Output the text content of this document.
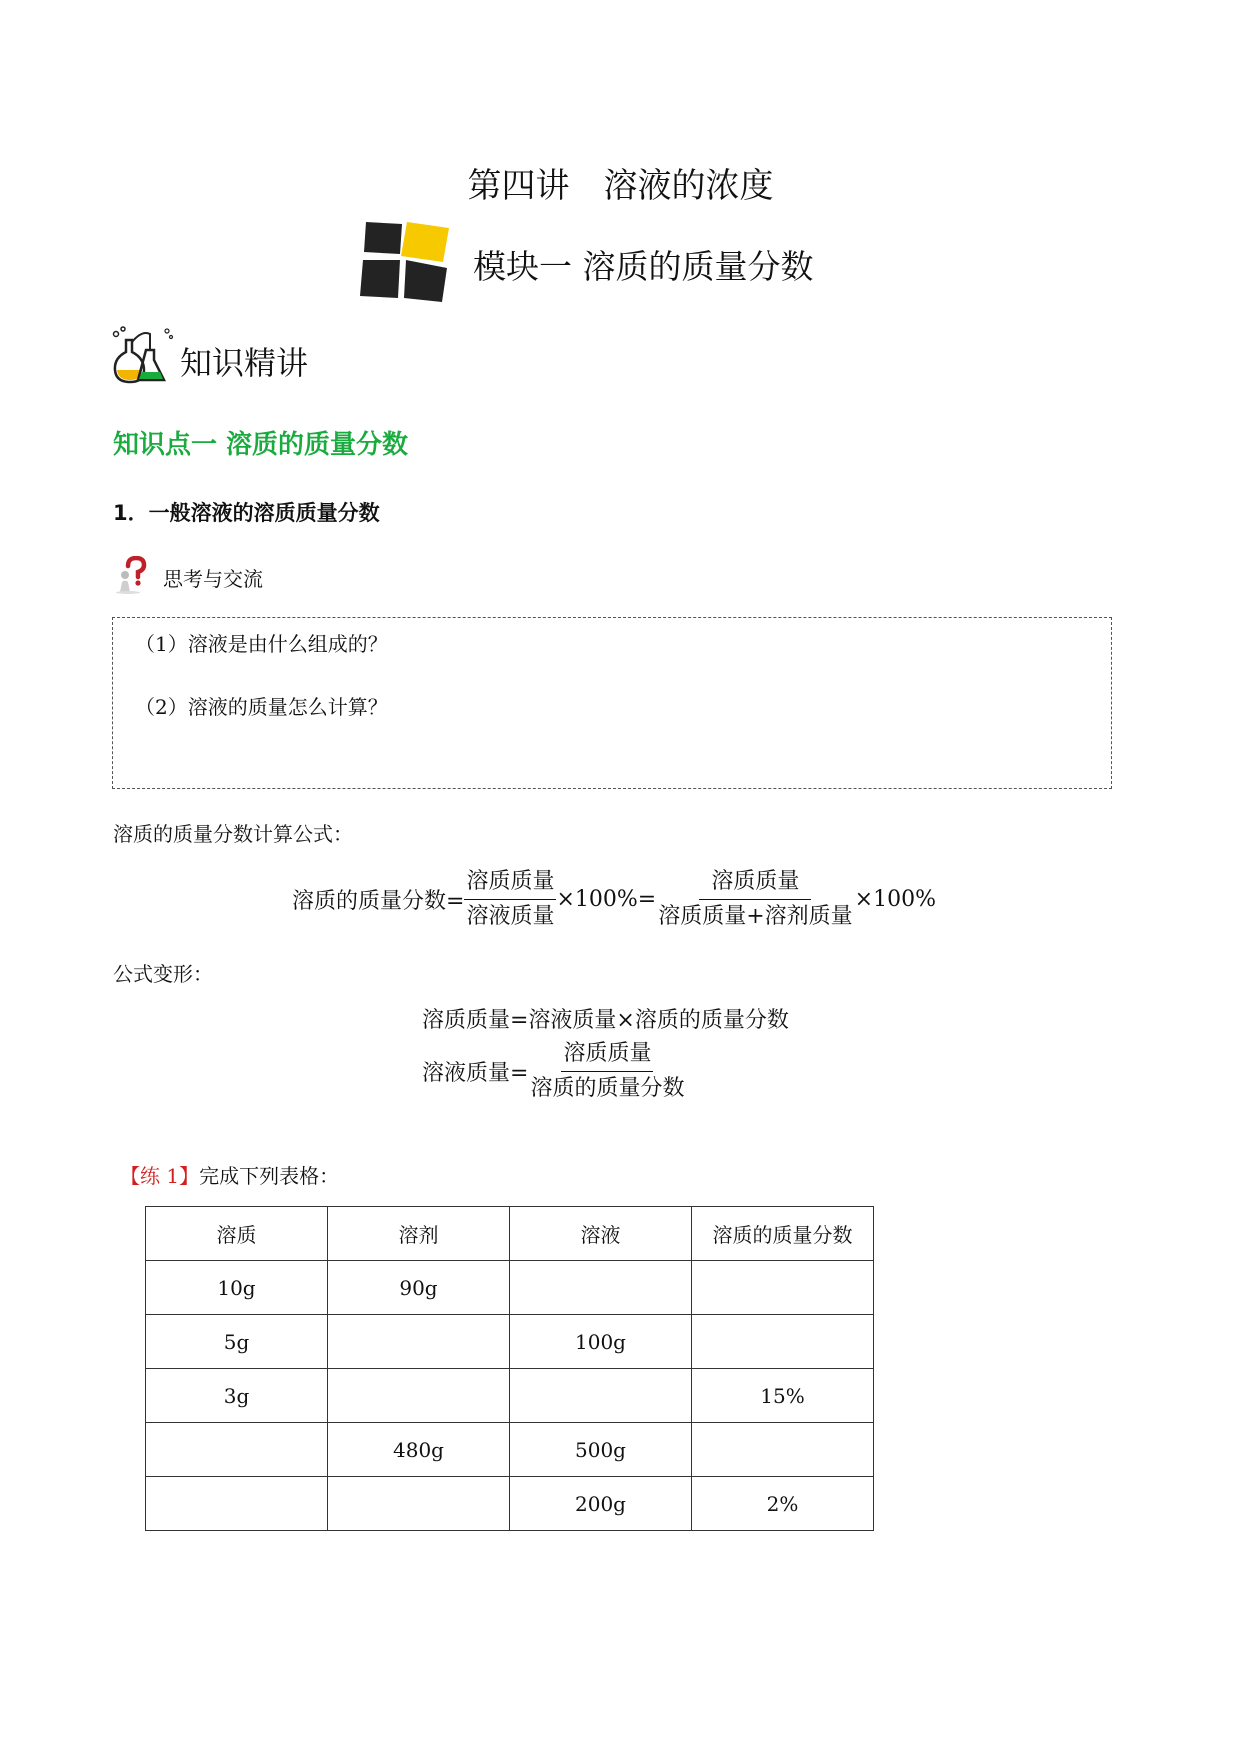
第四讲　溶液的浓度
模块一 溶质的质量分数
知识精讲
知识点一 溶质的质量分数
1．一般溶液的溶质质量分数
思考与交流
（1）溶液是由什么组成的？
（2）溶液的质量怎么计算？
溶质的质量分数计算公式：
溶质的质量分数= $\frac{\text{溶质质量}}{\text{溶液质量}} \times 100\%= \frac{\text{溶质质量}}{\text{溶质质量+溶剂质量}} \times 100\%$
公式变形：
溶质质量=溶液质量×溶质的质量分数
溶液质量= $\frac{\text{溶质质量}}{\text{溶质的质量分数}}$
【练 1】完成下列表格：
溶质	溶剂	溶液	溶质的质量分数
10g	90g		
5g		100g	
3g			15%
	480g	500g	
		200g	2%
